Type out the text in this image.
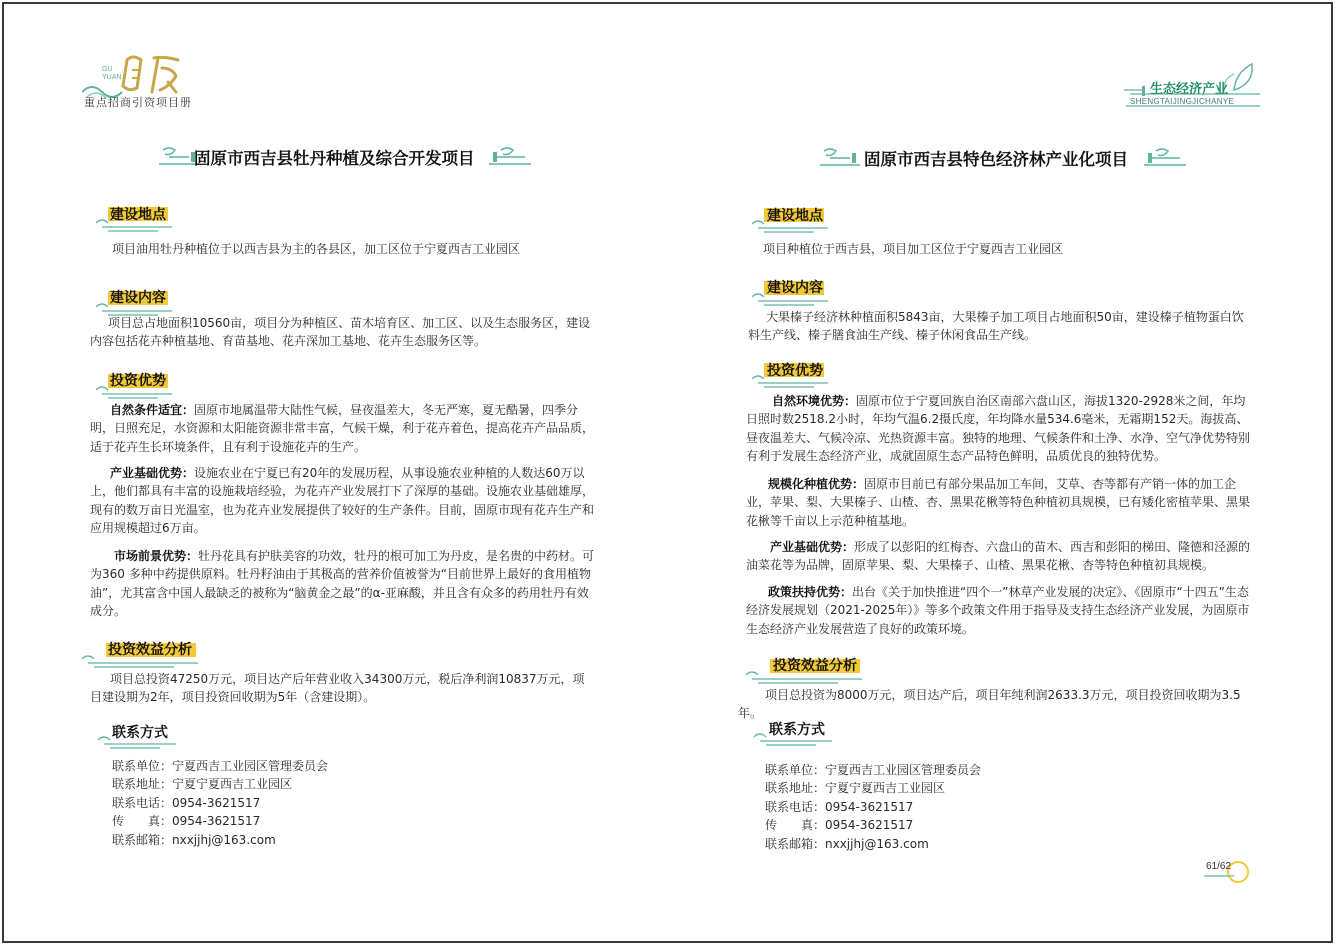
GU
YUAN
重点招商引资项目册
固原市西吉县牡丹种植及综合开发项目
建设地点
项目油用牡丹种植位于以西吉县为主的各县区，加工区位于宁夏西吉工业园区
建设内容
项目总占地面积10560亩，项目分为种植区、苗木培育区、加工区、以及生态服务区，建设内容包括花卉种植基地、育苗基地、花卉深加工基地、花卉生态服务区等。
投资优势
自然条件适宜：固原市地属温带大陆性气候，昼夜温差大，冬无严寒，夏无酷暑，四季分明，日照充足，水资源和太阳能资源非常丰富，气候干燥，利于花卉着色，提高花卉产品品质，适于花卉生长环境条件，且有利于设施花卉的生产。
产业基础优势：设施农业在宁夏已有20年的发展历程，从事设施农业种植的人数达60万以上，他们都具有丰富的设施栽培经验，为花卉产业发展打下了深厚的基础。设施农业基础雄厚，现有的数万亩日光温室，也为花卉业发展提供了较好的生产条件。目前，固原市现有花卉生产和应用规模超过6万亩。
市场前景优势：牡丹花具有护肤美容的功效，牡丹的根可加工为丹皮，是名贵的中药材。可为360 多种中药提供原料。牡丹籽油由于其极高的营养价值被誉为“目前世界上最好的食用植物油”，尤其富含中国人最缺乏的被称为“脑黄金之最”的α-亚麻酸，并且含有众多的药用牡丹有效成分。
投资效益分析
项目总投资47250万元，项目达产后年营业收入34300万元，税后净利润10837万元，项目建设期为2年，项目投资回收期为5年（含建设期）。
联系方式
联系单位：宁夏西吉工业园区管理委员会
联系地址：宁夏宁夏西吉工业园区
联系电话：0954-3621517
传　　真：0954-3621517
联系邮箱：nxxjjhj@163.com
生态经济产业
SHENGTAIJINGJICHANYE
固原市西吉县特色经济林产业化项目
建设地点
项目种植位于西吉县，项目加工区位于宁夏西吉工业园区
建设内容
大果榛子经济林种植面积5843亩，大果榛子加工项目占地面积50亩，建设榛子植物蛋白饮料生产线、榛子膳食油生产线、榛子休闲食品生产线。
投资优势
自然环境优势：固原市位于宁夏回族自治区南部六盘山区，海拔1320-2928米之间，年均日照时数2518.2小时，年均气温6.2摄氏度，年均降水量534.6毫米，无霜期152天。海拔高、昼夜温差大、气候冷凉、光热资源丰富。独特的地理、气候条件和土净、水净、空气净优势特别有利于发展生态经济产业，成就固原生态产品特色鲜明，品质优良的独特优势。
规模化种植优势：固原市目前已有部分果品加工车间，艾草、杏等都有产销一体的加工企业，苹果、梨、大果榛子、山楂、杏、黑果花楸等特色种植初具规模，已有矮化密植苹果、黑果花楸等千亩以上示范种植基地。
产业基础优势：形成了以彭阳的红梅杏、六盘山的苗木、西吉和彭阳的梯田、隆德和泾源的油菜花等为品牌，固原苹果、梨、大果榛子、山楂、黑果花楸、杏等特色种植初具规模。
政策扶持优势：出台《关于加快推进“四个一”林草产业发展的决定》、《固原市“十四五”生态经济发展规划（2021-2025年）》等多个政策文件用于指导及支持生态经济产业发展，为固原市生态经济产业发展营造了良好的政策环境。
投资效益分析
项目总投资为8000万元，项目达产后，项目年纯利润2633.3万元，项目投资回收期为3.5年。
联系方式
联系单位：宁夏西吉工业园区管理委员会
联系地址：宁夏宁夏西吉工业园区
联系电话：0954-3621517
传　　真：0954-3621517
联系邮箱：nxxjjhj@163.com
61/62
